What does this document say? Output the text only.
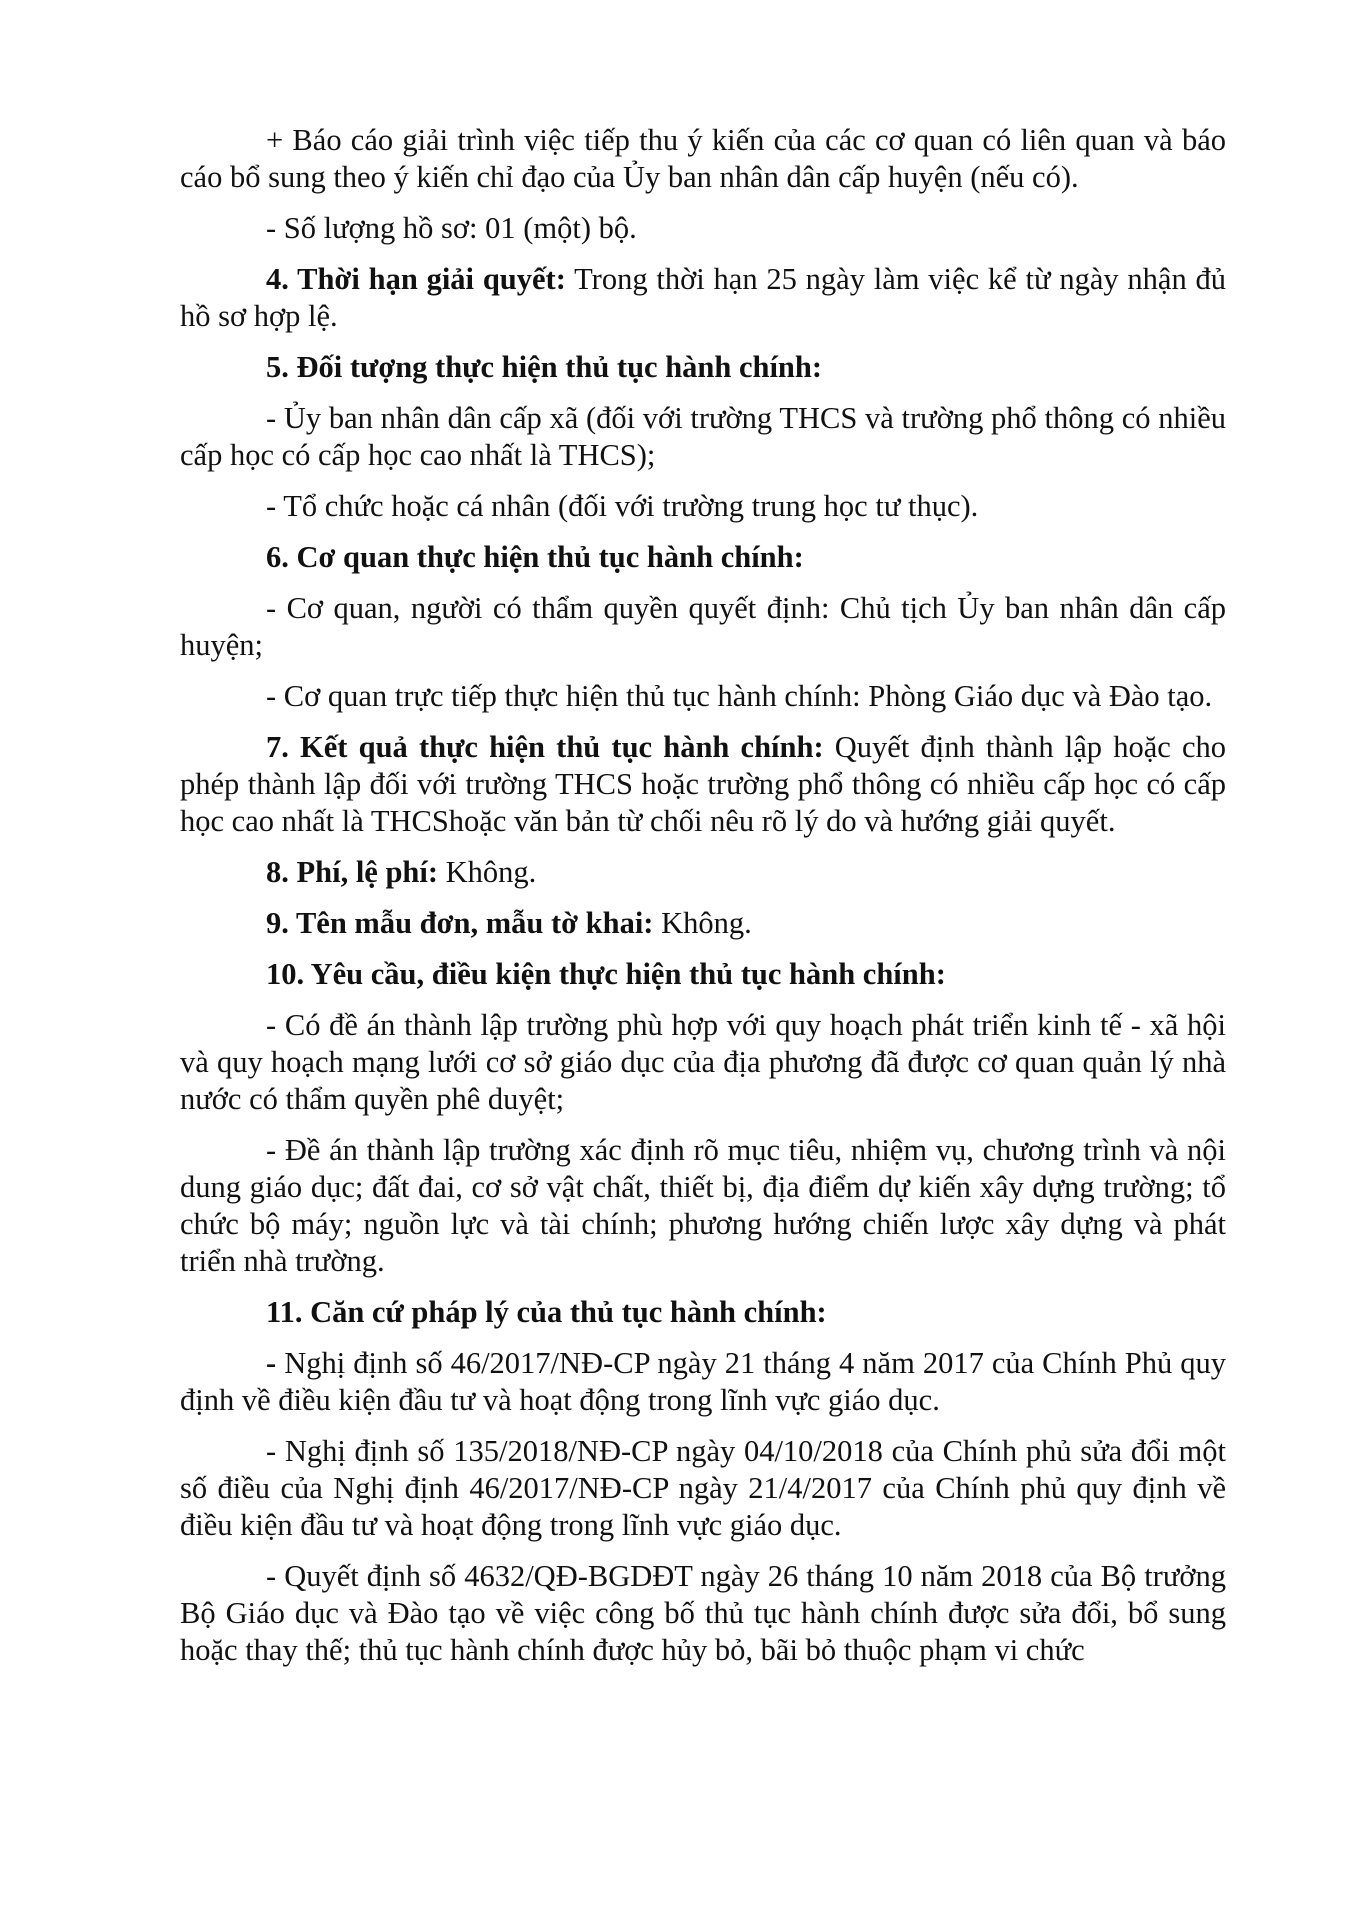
+ Báo cáo giải trình việc tiếp thu ý kiến của các cơ quan có liên quan và báo cáo bổ sung theo ý kiến chỉ đạo của Ủy ban nhân dân cấp huyện (nếu có).

- Số lượng hồ sơ: 01 (một) bộ.

4. Thời hạn giải quyết: Trong thời hạn 25 ngày làm việc kể từ ngày nhận đủ hồ sơ hợp lệ.

5. Đối tượng thực hiện thủ tục hành chính:

- Ủy ban nhân dân cấp xã (đối với trường THCS và trường phổ thông có nhiều cấp học có cấp học cao nhất là THCS);

- Tổ chức hoặc cá nhân (đối với trường trung học tư thục).

6. Cơ quan thực hiện thủ tục hành chính:

- Cơ quan, người có thẩm quyền quyết định: Chủ tịch Ủy ban nhân dân cấp huyện;

- Cơ quan trực tiếp thực hiện thủ tục hành chính: Phòng Giáo dục và Đào tạo.

7. Kết quả thực hiện thủ tục hành chính: Quyết định thành lập hoặc cho phép thành lập đối với trường THCS hoặc trường phổ thông có nhiều cấp học có cấp học cao nhất là THCShoặc văn bản từ chối nêu rõ lý do và hướng giải quyết.

8. Phí, lệ phí: Không.

9. Tên mẫu đơn, mẫu tờ khai: Không.

10. Yêu cầu, điều kiện thực hiện thủ tục hành chính:

- Có đề án thành lập trường phù hợp với quy hoạch phát triển kinh tế - xã hội và quy hoạch mạng lưới cơ sở giáo dục của địa phương đã được cơ quan quản lý nhà nước có thẩm quyền phê duyệt;

- Đề án thành lập trường xác định rõ mục tiêu, nhiệm vụ, chương trình và nội dung giáo dục; đất đai, cơ sở vật chất, thiết bị, địa điểm dự kiến xây dựng trường; tổ chức bộ máy; nguồn lực và tài chính; phương hướng chiến lược xây dựng và phát triển nhà trường.

11. Căn cứ pháp lý của thủ tục hành chính:

- Nghị định số 46/2017/NĐ-CP ngày 21 tháng 4 năm 2017 của Chính Phủ quy định về điều kiện đầu tư và hoạt động trong lĩnh vực giáo dục.

- Nghị định số 135/2018/NĐ-CP ngày 04/10/2018 của Chính phủ sửa đổi một số điều của Nghị định 46/2017/NĐ-CP ngày 21/4/2017 của Chính phủ quy định về điều kiện đầu tư và hoạt động trong lĩnh vực giáo dục.

- Quyết định số 4632/QĐ-BGDĐT ngày 26 tháng 10 năm 2018 của Bộ trưởng Bộ Giáo dục và Đào tạo về việc công bố thủ tục hành chính được sửa đổi, bổ sung hoặc thay thế; thủ tục hành chính được hủy bỏ, bãi bỏ thuộc phạm vi chức
